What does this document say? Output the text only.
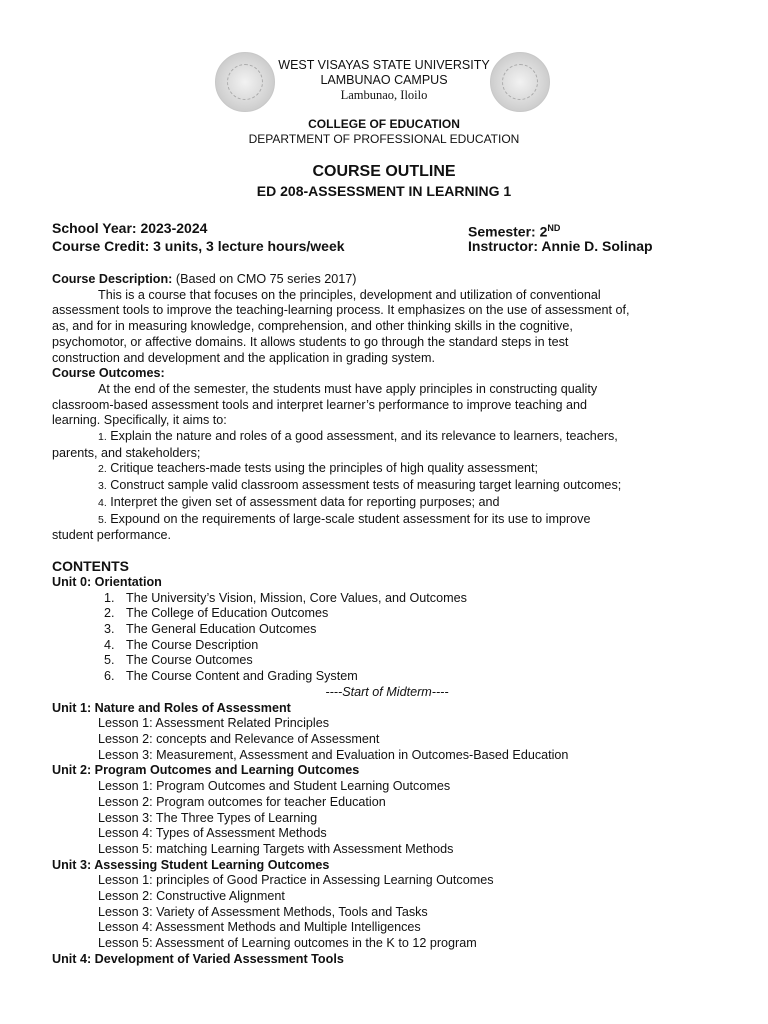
WEST VISAYAS STATE UNIVERSITY
LAMBUNAO CAMPUS
Lambunao, Iloilo
COLLEGE OF EDUCATION
DEPARTMENT OF PROFESSIONAL EDUCATION
COURSE OUTLINE
ED 208-ASSESSMENT IN LEARNING 1
School Year: 2023-2024	Semester: 2ND
Course Credit: 3 units, 3 lecture hours/week	Instructor: Annie D. Solinap
Course Description: (Based on CMO 75 series 2017)
This is a course that focuses on the principles, development and utilization of conventional
assessment tools to improve the teaching-learning process. It emphasizes on the use of assessment of,
as, and for in measuring knowledge, comprehension, and other thinking skills in the cognitive,
psychomotor, or affective domains. It allows students to go through the standard steps in test
construction and development and the application in grading system.
Course Outcomes:
At the end of the semester, the students must have apply principles in constructing quality
classroom-based assessment tools and interpret learner’s performance to improve teaching and
learning. Specifically, it aims to:
1. Explain the nature and roles of a good assessment, and its relevance to learners, teachers,
parents, and stakeholders;
2. Critique teachers-made tests using the principles of high quality assessment;
3. Construct sample valid classroom assessment tests of measuring target learning outcomes;
4. Interpret the given set of assessment data for reporting purposes; and
5. Expound on the requirements of large-scale student assessment for its use to improve
student performance.
CONTENTS
Unit 0: Orientation
1. The University’s Vision, Mission, Core Values, and Outcomes
2. The College of Education Outcomes
3. The General Education Outcomes
4. The Course Description
5. The Course Outcomes
6. The Course Content and Grading System
----Start of Midterm----
Unit 1: Nature and Roles of Assessment
Lesson 1: Assessment Related Principles
Lesson 2: concepts and Relevance of Assessment
Lesson 3: Measurement, Assessment and Evaluation in Outcomes-Based Education
Unit 2: Program Outcomes and Learning Outcomes
Lesson 1: Program Outcomes and Student Learning Outcomes
Lesson 2: Program outcomes for teacher Education
Lesson 3: The Three Types of Learning
Lesson 4: Types of Assessment Methods
Lesson 5: matching Learning Targets with Assessment Methods
Unit 3: Assessing Student Learning Outcomes
Lesson 1: principles of Good Practice in Assessing Learning Outcomes
Lesson 2: Constructive Alignment
Lesson 3: Variety of Assessment Methods, Tools and Tasks
Lesson 4: Assessment Methods and Multiple Intelligences
Lesson 5: Assessment of Learning outcomes in the K to 12 program
Unit 4: Development of Varied Assessment Tools
